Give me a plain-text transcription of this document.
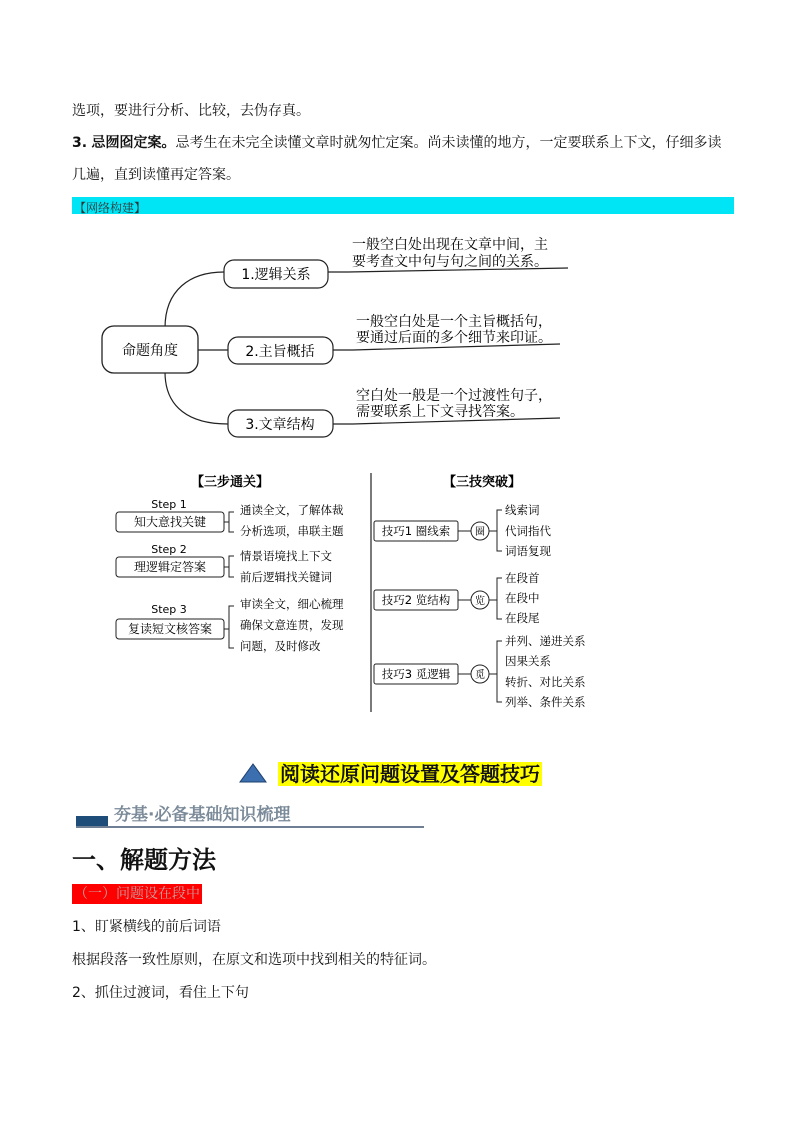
选项，要进行分析、比较，去伪存真。
3. 忌囫囵定案。忌考生在未完全读懂文章时就匆忙定案。尚未读懂的地方，一定要联系上下文，仔细多读
几遍，直到读懂再定答案。
【网络构建】
命题角度
1.逻辑关系
2.主旨概括
3.文章结构
一般空白处出现在文章中间，主
要考查文中句与句之间的关系。
一般空白处是一个主旨概括句，
要通过后面的多个细节来印证。
空白处一般是一个过渡性句子，
需要联系上下文寻找答案。
【三步通关】
Step 1
知大意找关键
通读全文，了解体裁
分析选项，串联主题
Step 2
理逻辑定答案
情景语境找上下文
前后逻辑找关键词
Step 3
复读短文核答案
审读全文，细心梳理
确保文意连贯，发现
问题，及时修改
【三技突破】
技巧1 圈线索 圈
线索词
代词指代
词语复现
技巧2 览结构 览
在段首
在段中
在段尾
技巧3 觅逻辑 觅
并列、递进关系
因果关系
转折、对比关系
列举、条件关系
阅读还原问题设置及答题技巧
夯基·必备基础知识梳理
一、解题方法
（一）问题设在段中
1、盯紧横线的前后词语
根据段落一致性原则，在原文和选项中找到相关的特征词。
2、抓住过渡词，看住上下句
